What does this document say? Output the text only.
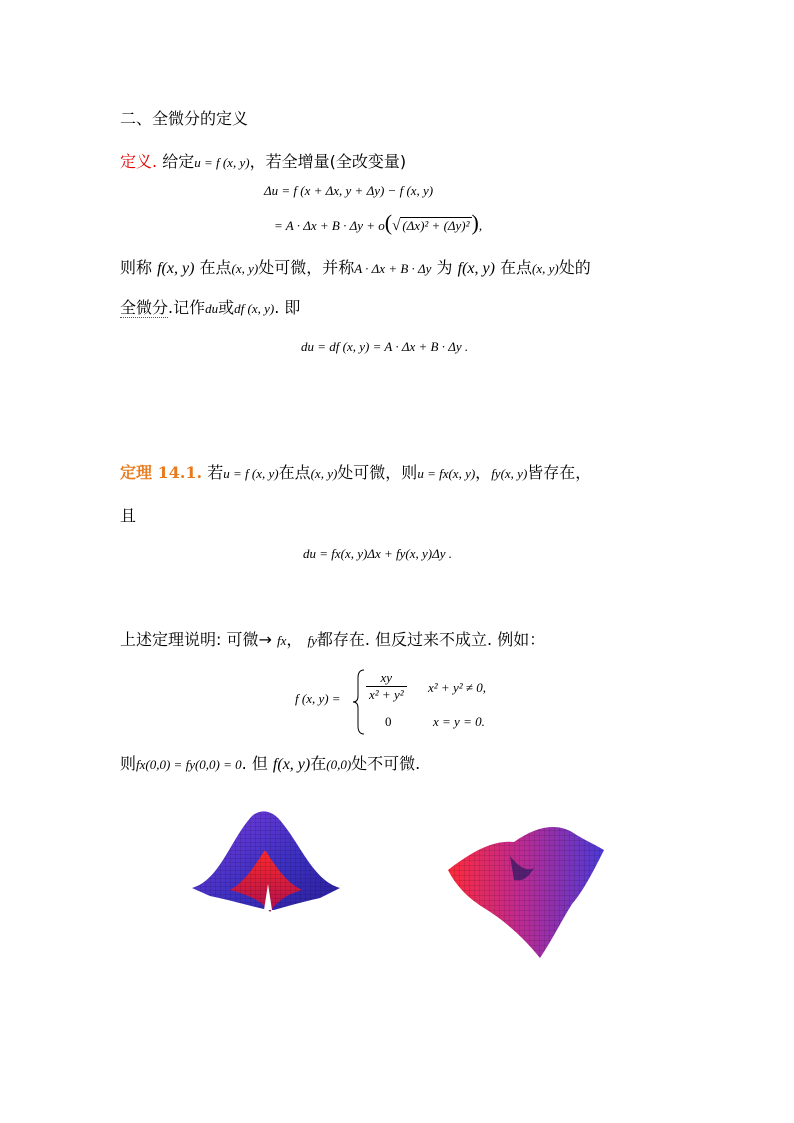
二、全微分的定义
定义. 给定u = f (x, y)，若全增量(全改变量)
Δu = f (x + Δx, y + Δy) − f (x, y)
= A · Δx + B · Δy + o(√ (Δx)² + (Δy)²),
则称 f(x, y) 在点(x, y)处可微，并称A · Δx + B · Δy 为 f(x, y) 在点(x, y)处的
全微分.记作du或df (x, y). 即
du = df (x, y) = A · Δx + B · Δy .
定理 14.1. 若u = f (x, y)在点(x, y)处可微，则u = fx(x, y)，fy(x, y)皆存在，
且
du = fx(x, y)Δx + fy(x, y)Δy .
上述定理说明: 可微→ fx， fy都存在. 但反过来不成立. 例如：
f (x, $y) = \frac{xy}{\text{x² + y²}} x^2 + y^2 \ne 0$,
0	x = y = 0.
则fx(0,0) = fy(0,0) = 0. 但 f(x, y)在(0,0)处不可微.
